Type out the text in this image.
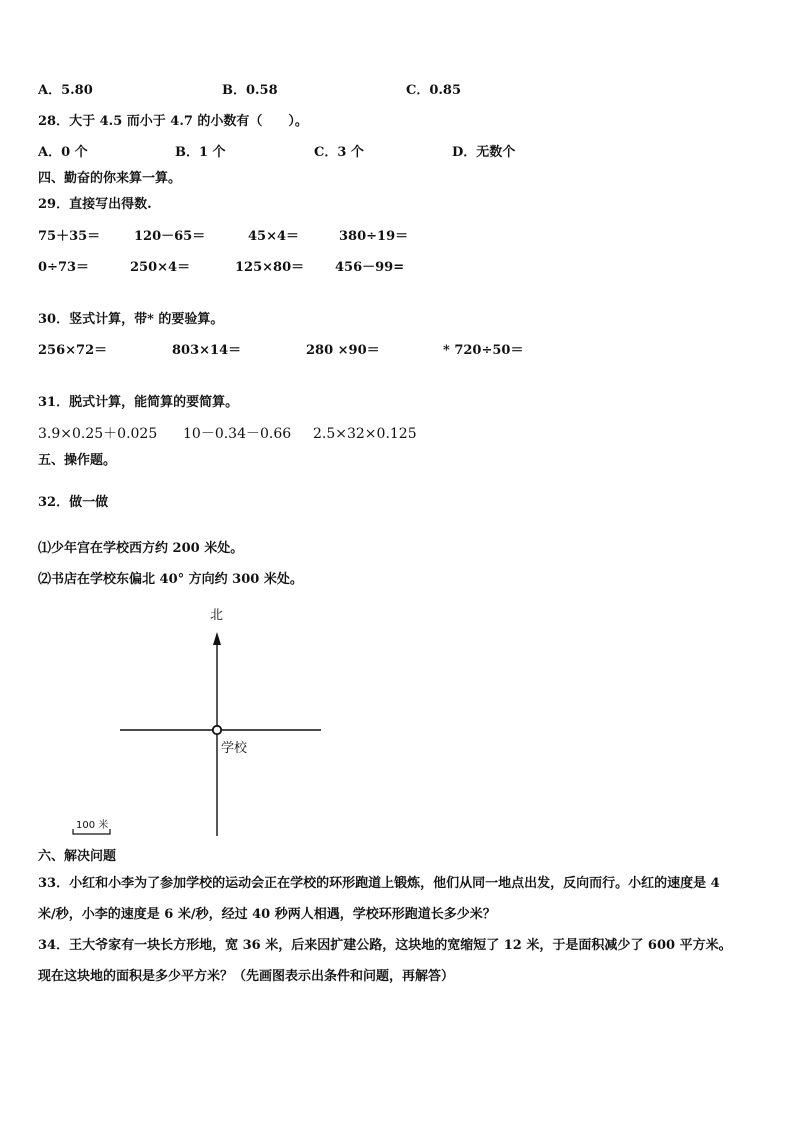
A．5.80	B．0.58	C．0.85
28．大于 4.5 而小于 4.7 的小数有（　　）。
A．0 个	B．1 个	C．3 个	D．无数个
四、勤奋的你来算一算。
29．直接写出得数.
75＋35＝	120－65＝	45×4＝	380÷19＝
0÷73＝	250×4＝	125×80＝ 456－99=
30．竖式计算，带* 的要验算。
256×72＝	803×14＝	280 ×90＝	* 720÷50＝
31．脱式计算，能简算的要简算。
3.9×0.25＋0.025 10－0.34－0.66 2.5×32×0.125
五、操作题。
32．做一做
⑴少年宫在学校西方约 200 米处。
⑵书店在学校东偏北 40° 方向约 300 米处。
北
学校
100 米
六、解决问题
33．小红和小李为了参加学校的运动会正在学校的环形跑道上锻炼，他们从同一地点出发，反向而行。小红的速度是 4
米/秒，小李的速度是 6 米/秒，经过 40 秒两人相遇，学校环形跑道长多少米？
34．王大爷家有一块长方形地，宽 36 米，后来因扩建公路，这块地的宽缩短了 12 米，于是面积减少了 600 平方米。
现在这块地的面积是多少平方米？（先画图表示出条件和问题，再解答）
